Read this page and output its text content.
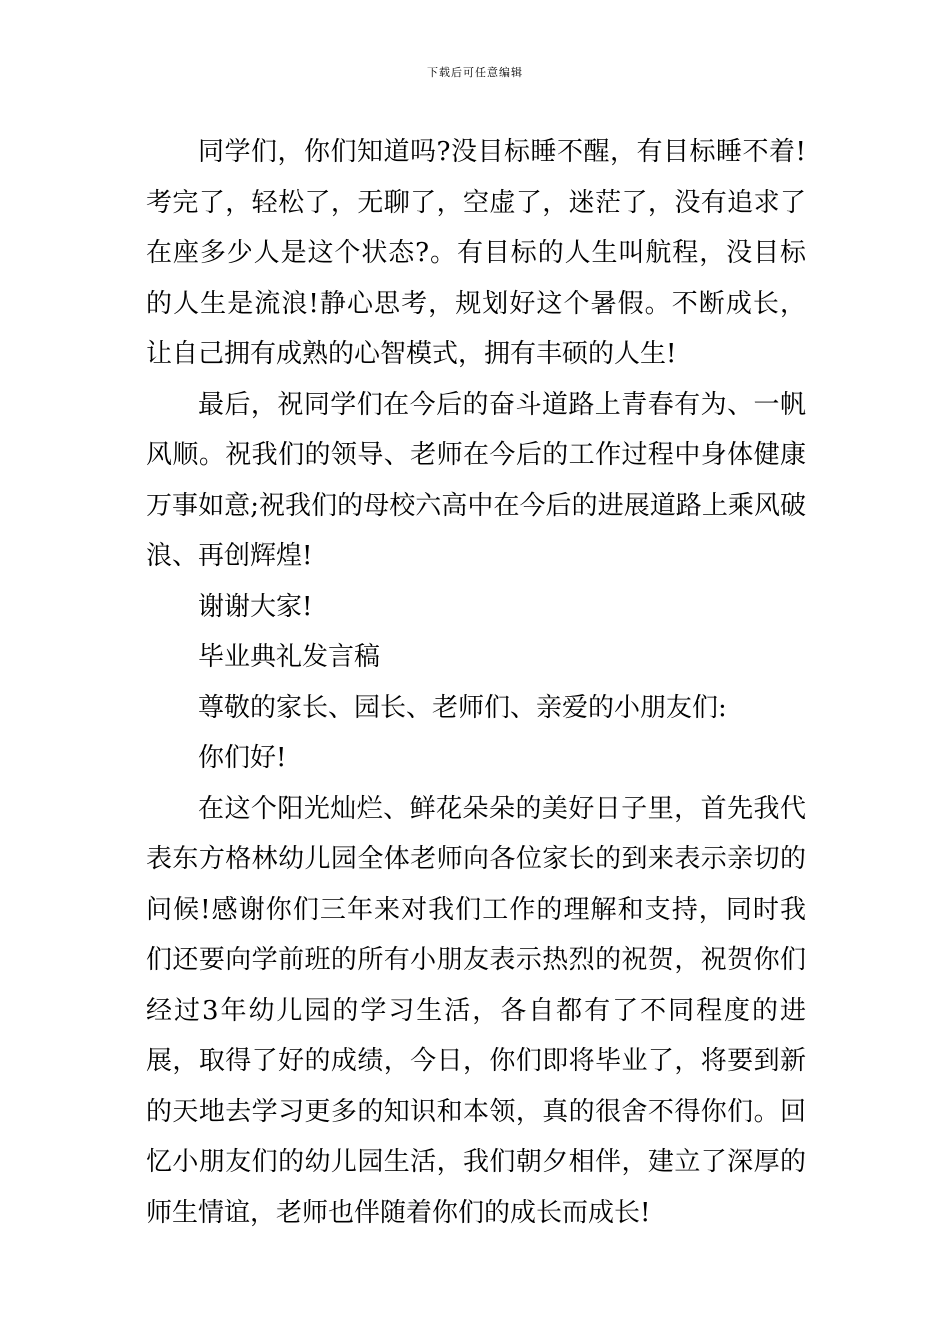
下载后可任意编辑

同学们，你们知道吗?没目标睡不醒，有目标睡不着!考完了，轻松了，无聊了，空虚了，迷茫了，没有追求了在座多少人是这个状态?。有目标的人生叫航程，没目标的人生是流浪!静心思考，规划好这个暑假。不断成长，让自己拥有成熟的心智模式，拥有丰硕的人生!

最后，祝同学们在今后的奋斗道路上青春有为、一帆风顺。祝我们的领导、老师在今后的工作过程中身体健康万事如意;祝我们的母校六高中在今后的进展道路上乘风破浪、再创辉煌!

谢谢大家!

毕业典礼发言稿

尊敬的家长、园长、老师们、亲爱的小朋友们:

你们好!

在这个阳光灿烂、鲜花朵朵的美好日子里，首先我代表东方格林幼儿园全体老师向各位家长的到来表示亲切的问候!感谢你们三年来对我们工作的理解和支持，同时我们还要向学前班的所有小朋友表示热烈的祝贺，祝贺你们经过3年幼儿园的学习生活，各自都有了不同程度的进展，取得了好的成绩，今日，你们即将毕业了，将要到新的天地去学习更多的知识和本领，真的很舍不得你们。回忆小朋友们的幼儿园生活，我们朝夕相伴，建立了深厚的师生情谊，老师也伴随着你们的成长而成长!
